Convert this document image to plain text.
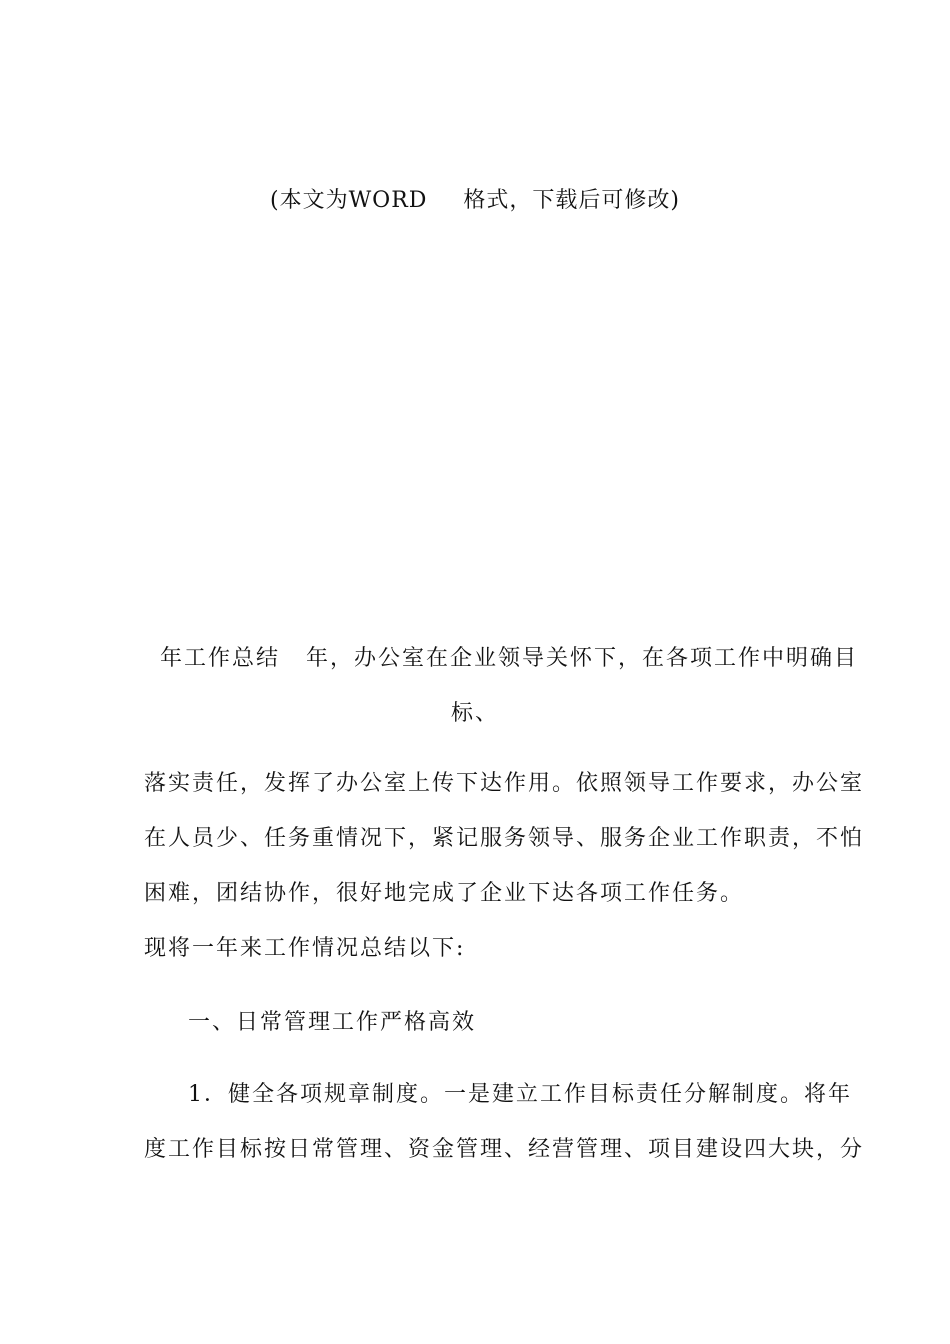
(本文为WORD 格式，下载后可修改)
年工作总结 年，办公室在企业领导关怀下，在各项工作中明确目
标、
落实责任，发挥了办公室上传下达作用。依照领导工作要求，办公室
在人员少、任务重情况下，紧记服务领导、服务企业工作职责，不怕
困难，团结协作，很好地完成了企业下达各项工作任务。
现将一年来工作情况总结以下:
一、日常管理工作严格高效
1．健全各项规章制度。一是建立工作目标责任分解制度。将年
度工作目标按日常管理、资金管理、经营管理、项目建设四大块，分
